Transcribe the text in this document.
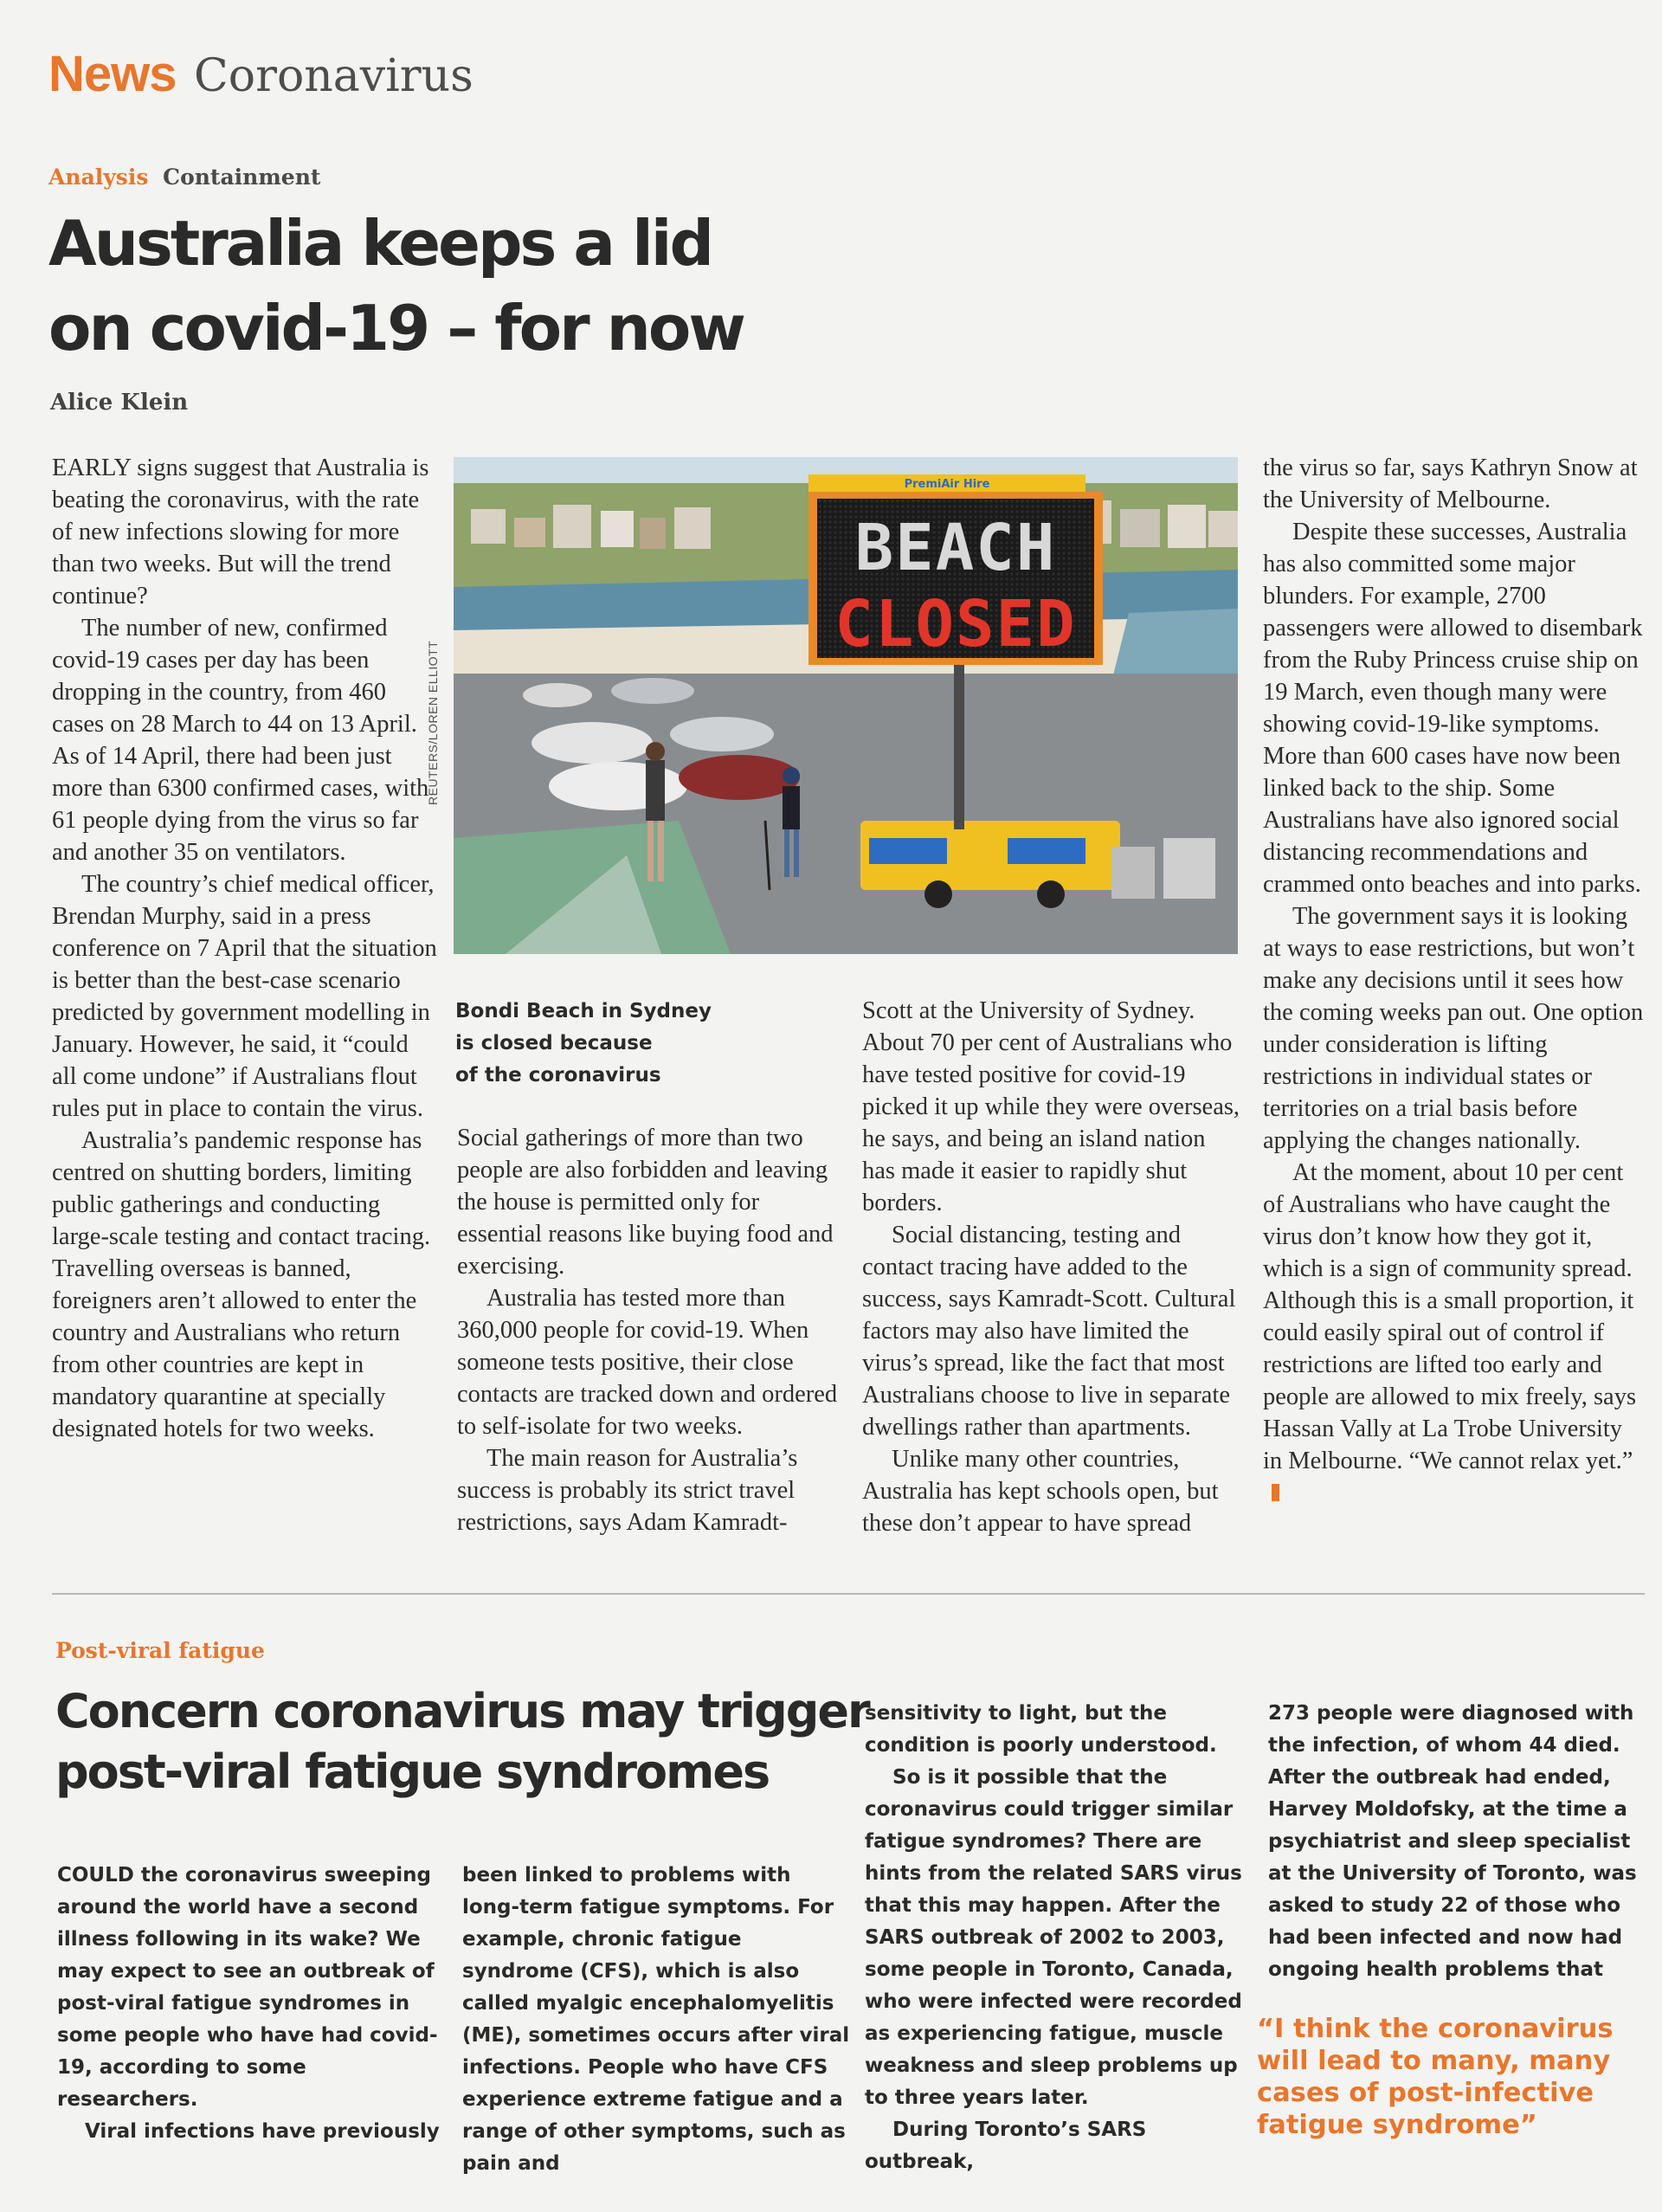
News Coronavirus
Analysis Containment
Australia keeps a lid
on covid-19 – for now
Alice Klein

EARLY signs suggest that Australia is beating the coronavirus, with the rate of new infections slowing for more than two weeks. But will the trend continue?

The number of new, confirmed covid-19 cases per day has been dropping in the country, from 460 cases on 28 March to 44 on 13 April. As of 14 April, there had been just more than 6300 confirmed cases, with 61 people dying from the virus so far and another 35 on ventilators.

The country’s chief medical officer, Brendan Murphy, said in a press conference on 7 April that the situation is better than the best-case scenario predicted by government modelling in January. However, he said, it “could all come undone” if Australians flout rules put in place to contain the virus.

Australia’s pandemic response has centred on shutting borders, limiting public gatherings and conducting large-scale testing and contact tracing. Travelling overseas is banned, foreigners aren’t allowed to enter the country and Australians who return from other countries are kept in mandatory quarantine at specially designated hotels for two weeks.

PremiAir Hire
BEACH
CLOSED
REUTERS/LOREN ELLIOTT
Bondi Beach in Sydney
is closed because
of the coronavirus

Social gatherings of more than two people are also forbidden and leaving the house is permitted only for essential reasons like buying food and exercising.

Australia has tested more than 360,000 people for covid-19. When someone tests positive, their close contacts are tracked down and ordered to self-isolate for two weeks.

The main reason for Australia’s success is probably its strict travel restrictions, says Adam Kamradt-

Scott at the University of Sydney. About 70 per cent of Australians who have tested positive for covid-19 picked it up while they were overseas, he says, and being an island nation has made it easier to rapidly shut borders.

Social distancing, testing and contact tracing have added to the success, says Kamradt-Scott. Cultural factors may also have limited the virus’s spread, like the fact that most Australians choose to live in separate dwellings rather than apartments.

Unlike many other countries, Australia has kept schools open, but these don’t appear to have spread

the virus so far, says Kathryn Snow at the University of Melbourne.

Despite these successes, Australia has also committed some major blunders. For example, 2700 passengers were allowed to disembark from the Ruby Princess cruise ship on 19 March, even though many were showing covid-19-like symptoms. More than 600 cases have now been linked back to the ship. Some Australians have also ignored social distancing recommendations and crammed onto beaches and into parks.

The government says it is looking at ways to ease restrictions, but won’t make any decisions until it sees how the coming weeks pan out. One option under consideration is lifting restrictions in individual states or territories on a trial basis before applying the changes nationally.

At the moment, about 10 per cent of Australians who have caught the virus don’t know how they got it, which is a sign of community spread. Although this is a small proportion, it could easily spiral out of control if restrictions are lifted too early and people are allowed to mix freely, says Hassan Vally at La Trobe University in Melbourne. “We cannot relax yet.”

Post-viral fatigue
Concern coronavirus may trigger
post-viral fatigue syndromes

COULD the coronavirus sweeping around the world have a second illness following in its wake? We may expect to see an outbreak of post-viral fatigue syndromes in some people who have had covid-19, according to some researchers.

Viral infections have previously

been linked to problems with long-term fatigue symptoms. For example, chronic fatigue syndrome (CFS), which is also called myalgic encephalomyelitis (ME), sometimes occurs after viral infections. People who have CFS experience extreme fatigue and a range of other symptoms, such as pain and

sensitivity to light, but the condition is poorly understood.

So is it possible that the coronavirus could trigger similar fatigue syndromes? There are hints from the related SARS virus that this may happen. After the SARS outbreak of 2002 to 2003, some people in Toronto, Canada, who were infected were recorded as experiencing fatigue, muscle weakness and sleep problems up to three years later.

During Toronto’s SARS outbreak,

273 people were diagnosed with the infection, of whom 44 died. After the outbreak had ended, Harvey Moldofsky, at the time a psychiatrist and sleep specialist at the University of Toronto, was asked to study 22 of those who had been infected and now had ongoing health problems that

“I think the coronavirus will lead to many, many cases of post-infective fatigue syndrome”
